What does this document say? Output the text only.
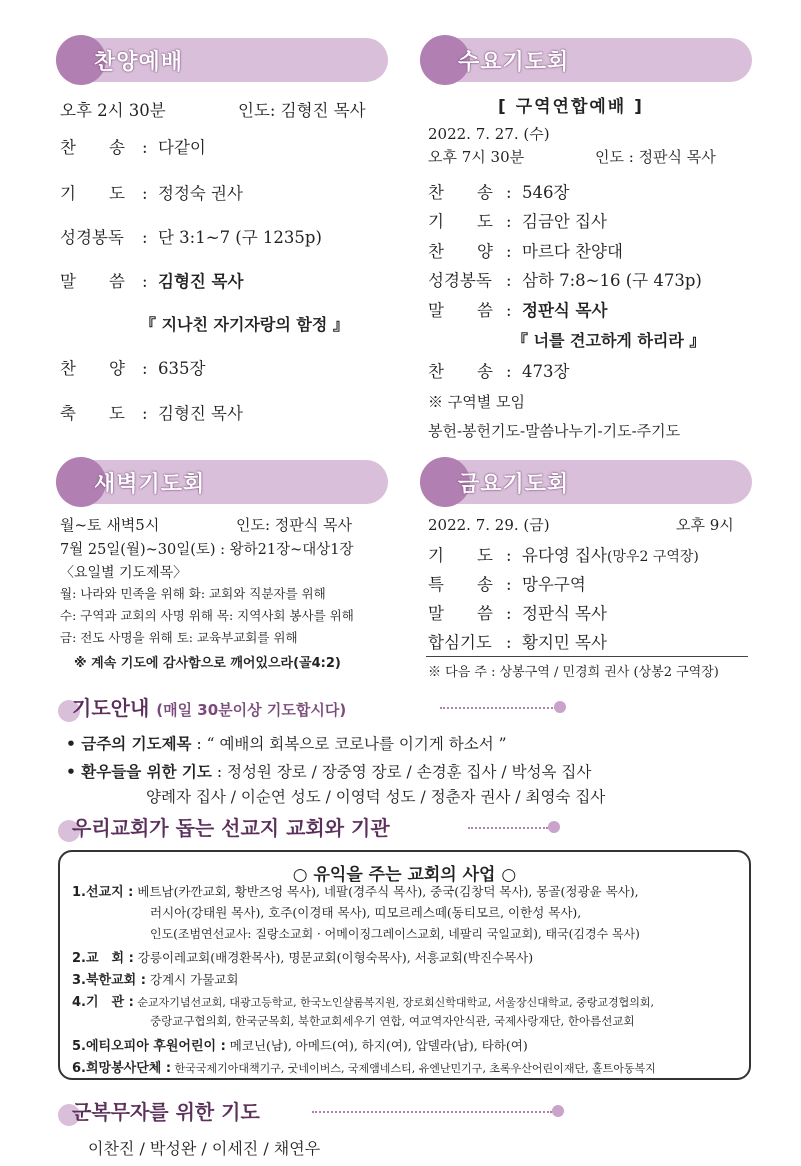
찬양예배
오후 2시 30분	인도: 김형진 목사
찬　　송 : 다같이
기　　도 : 정정숙 권사
성경봉독 : 단 3:1~7 (구 1235p)
말　　씀 : 김형진 목사
『 지나친 자기자랑의 함정 』
찬　　양 : 635장
축　　도 : 김형진 목사
수요기도회
[ 구역연합예배 ]
2022. 7. 27. (수)
오후 7시 30분	인도 : 정판식 목사
찬　　송 : 546장
기　　도 : 김금안 집사
찬　　양 : 마르다 찬양대
성경봉독 : 삼하 7:8~16 (구 473p)
말　　씀 : 정판식 목사
『 너를 견고하게 하리라 』
찬　　송 : 473장
※ 구역별 모임
봉헌-봉헌기도-말씀나누기-기도-주기도
새벽기도회
월~토 새벽5시	인도: 정판식 목사
7월 25일(월)~30일(토) : 왕하21장~대상1장
〈요일별 기도제목〉
월: 나라와 민족을 위해 화: 교회와 직분자를 위해
수: 구역과 교회의 사명 위해 목: 지역사회 봉사를 위해
금: 전도 사명을 위해 토: 교육부교회를 위해
※ 계속 기도에 감사함으로 깨어있으라(골4:2)
금요기도회
2022. 7. 29. (금)	오후 9시
기　　도 : 유다영 집사(망우2 구역장)
특　　송 : 망우구역
말　　씀 : 정판식 목사
합심기도 : 황지민 목사
※ 다음 주 : 상봉구역 / 민경희 권사 (상봉2 구역장)
기도안내 (매일 30분이상 기도합시다)
• 금주의 기도제목 : “ 예배의 회복으로 코로나를 이기게 하소서 ”
• 환우들을 위한 기도 : 정성원 장로 / 장중영 장로 / 손경훈 집사 / 박성옥 집사
양례자 집사 / 이순연 성도 / 이영덕 성도 / 정춘자 권사 / 최영숙 집사
우리교회가 돕는 선교지 교회와 기관
○ 유익을 주는 교회의 사업 ○
1.선교지 : 베트남(카깐교회, 황반즈엉 목사), 네팔(경주식 목사), 중국(김창덕 목사), 몽골(정광윤 목사),
러시아(강태원 목사), 호주(이경태 목사), 띠모르레스떼(동티모르, 이한성 목사),
인도(조범연선교사: 질랑소교회 · 어메이징그레이스교회, 네팔리 국일교회), 태국(김경수 목사)
2.교　회 : 강릉이레교회(배경환목사), 명문교회(이형숙목사), 서흥교회(박진수목사)
3.북한교회 : 강계시 가물교회
4.기　관 : 순교자기념선교회, 대광고등학교, 한국노인샬롬복지원, 장로회신학대학교, 서울장신대학교, 중랑교경협의회,
중랑교구협의회, 한국군목회, 북한교회세우기 연합, 여교역자안식관, 국제사랑재단, 한아름선교회
5.에티오피아 후원어린이 : 메코닌(남), 아메드(여), 하지(여), 압델라(남), 타하(여)
6.희망봉사단체 : 한국국제기아대책기구, 굿네이버스, 국제앰네스티, 유엔난민기구, 초록우산어린이재단, 홀트아동복지
군복무자를 위한 기도
이찬진 / 박성완 / 이세진 / 채연우
